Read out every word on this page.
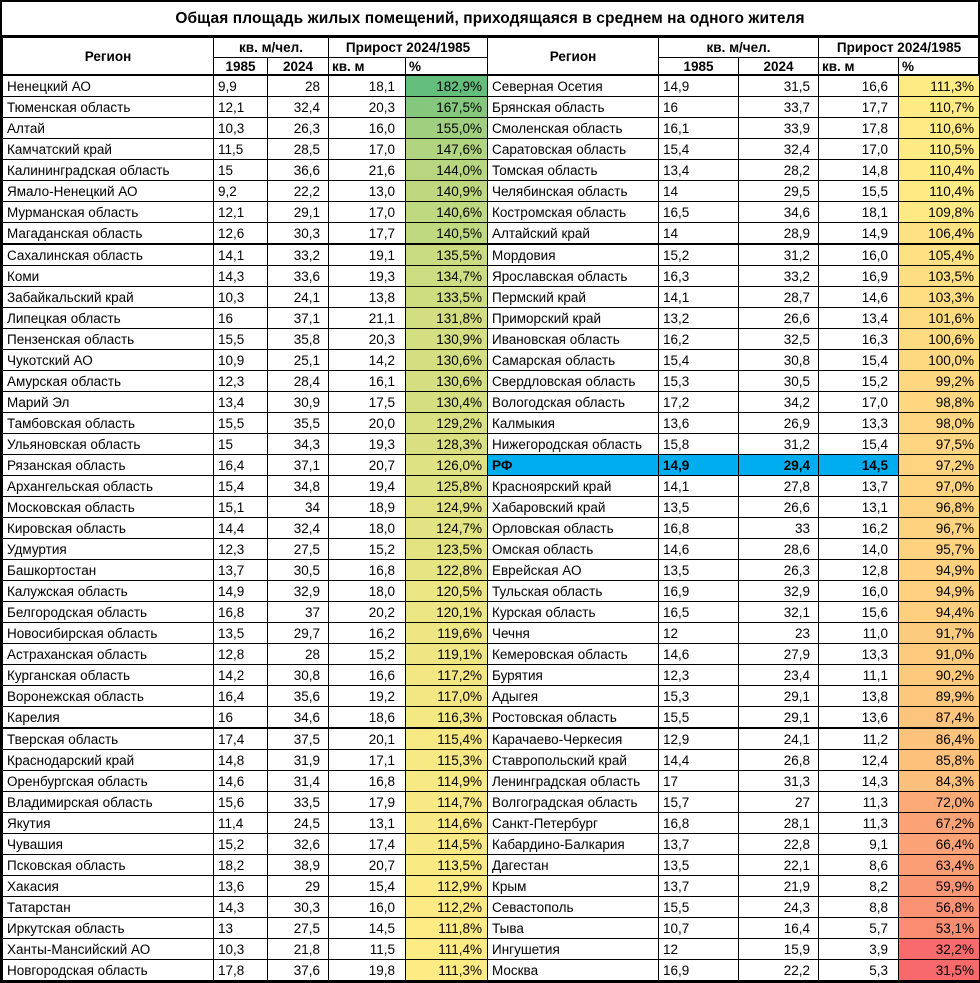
Общая площадь жилых помещений, приходящаяся в среднем на одного жителя
Регион	кв. м/чел.		Прирост 2024/1985		Регион	кв. м/чел.		Прирост 2024/1985	
	1985	2024	кв. м	%		1985	2024	кв. м	%
Ненецкий АО	9,9	28	18,1	182,9%	Северная Осетия	14,9	31,5	16,6	111,3%
Тюменская область	12,1	32,4	20,3	167,5%	Брянская область	16	33,7	17,7	110,7%
Алтай	10,3	26,3	16,0	155,0%	Смоленская область	16,1	33,9	17,8	110,6%
Камчатский край	11,5	28,5	17,0	147,6%	Саратовская область	15,4	32,4	17,0	110,5%
Калининградская область	15	36,6	21,6	144,0%	Томская область	13,4	28,2	14,8	110,4%
Ямало-Ненецкий АО	9,2	22,2	13,0	140,9%	Челябинская область	14	29,5	15,5	110,4%
Мурманская область	12,1	29,1	17,0	140,6%	Костромская область	16,5	34,6	18,1	109,8%
Магаданская область	12,6	30,3	17,7	140,5%	Алтайский край	14	28,9	14,9	106,4%
Сахалинская область	14,1	33,2	19,1	135,5%	Мордовия	15,2	31,2	16,0	105,4%
Коми	14,3	33,6	19,3	134,7%	Ярославская область	16,3	33,2	16,9	103,5%
Забайкальский край	10,3	24,1	13,8	133,5%	Пермский край	14,1	28,7	14,6	103,3%
Липецкая область	16	37,1	21,1	131,8%	Приморский край	13,2	26,6	13,4	101,6%
Пензенская область	15,5	35,8	20,3	130,9%	Ивановская область	16,2	32,5	16,3	100,6%
Чукотский АО	10,9	25,1	14,2	130,6%	Самарская область	15,4	30,8	15,4	100,0%
Амурская область	12,3	28,4	16,1	130,6%	Свердловская область	15,3	30,5	15,2	99,2%
Марий Эл	13,4	30,9	17,5	130,4%	Вологодская область	17,2	34,2	17,0	98,8%
Тамбовская область	15,5	35,5	20,0	129,2%	Калмыкия	13,6	26,9	13,3	98,0%
Ульяновская область	15	34,3	19,3	128,3%	Нижегородская область	15,8	31,2	15,4	97,5%
Рязанская область	16,4	37,1	20,7	126,0%	РФ	14,9	29,4	14,5	97,2%
Архангельская область	15,4	34,8	19,4	125,8%	Красноярский край	14,1	27,8	13,7	97,0%
Московская область	15,1	34	18,9	124,9%	Хабаровский край	13,5	26,6	13,1	96,8%
Кировская область	14,4	32,4	18,0	124,7%	Орловская область	16,8	33	16,2	96,7%
Удмуртия	12,3	27,5	15,2	123,5%	Омская область	14,6	28,6	14,0	95,7%
Башкортостан	13,7	30,5	16,8	122,8%	Еврейская АО	13,5	26,3	12,8	94,9%
Калужская область	14,9	32,9	18,0	120,5%	Тульская область	16,9	32,9	16,0	94,9%
Белгородская область	16,8	37	20,2	120,1%	Курская область	16,5	32,1	15,6	94,4%
Новосибирская область	13,5	29,7	16,2	119,6%	Чечня	12	23	11,0	91,7%
Астраханская область	12,8	28	15,2	119,1%	Кемеровская область	14,6	27,9	13,3	91,0%
Курганская область	14,2	30,8	16,6	117,2%	Бурятия	12,3	23,4	11,1	90,2%
Воронежская область	16,4	35,6	19,2	117,0%	Адыгея	15,3	29,1	13,8	89,9%
Карелия	16	34,6	18,6	116,3%	Ростовская область	15,5	29,1	13,6	87,4%
Тверская область	17,4	37,5	20,1	115,4%	Карачаево-Черкесия	12,9	24,1	11,2	86,4%
Краснодарский край	14,8	31,9	17,1	115,3%	Ставропольский край	14,4	26,8	12,4	85,8%
Оренбургская область	14,6	31,4	16,8	114,9%	Ленинградская область	17	31,3	14,3	84,3%
Владимирская область	15,6	33,5	17,9	114,7%	Волгоградская область	15,7	27	11,3	72,0%
Якутия	11,4	24,5	13,1	114,6%	Санкт-Петербург	16,8	28,1	11,3	67,2%
Чувашия	15,2	32,6	17,4	114,5%	Кабардино-Балкария	13,7	22,8	9,1	66,4%
Псковская область	18,2	38,9	20,7	113,5%	Дагестан	13,5	22,1	8,6	63,4%
Хакасия	13,6	29	15,4	112,9%	Крым	13,7	21,9	8,2	59,9%
Татарстан	14,3	30,3	16,0	112,2%	Севастополь	15,5	24,3	8,8	56,8%
Иркутская область	13	27,5	14,5	111,8%	Тыва	10,7	16,4	5,7	53,1%
Ханты-Мансийский АО	10,3	21,8	11,5	111,4%	Ингушетия	12	15,9	3,9	32,2%
Новгородская область	17,8	37,6	19,8	111,3%	Москва	16,9	22,2	5,3	31,5%
